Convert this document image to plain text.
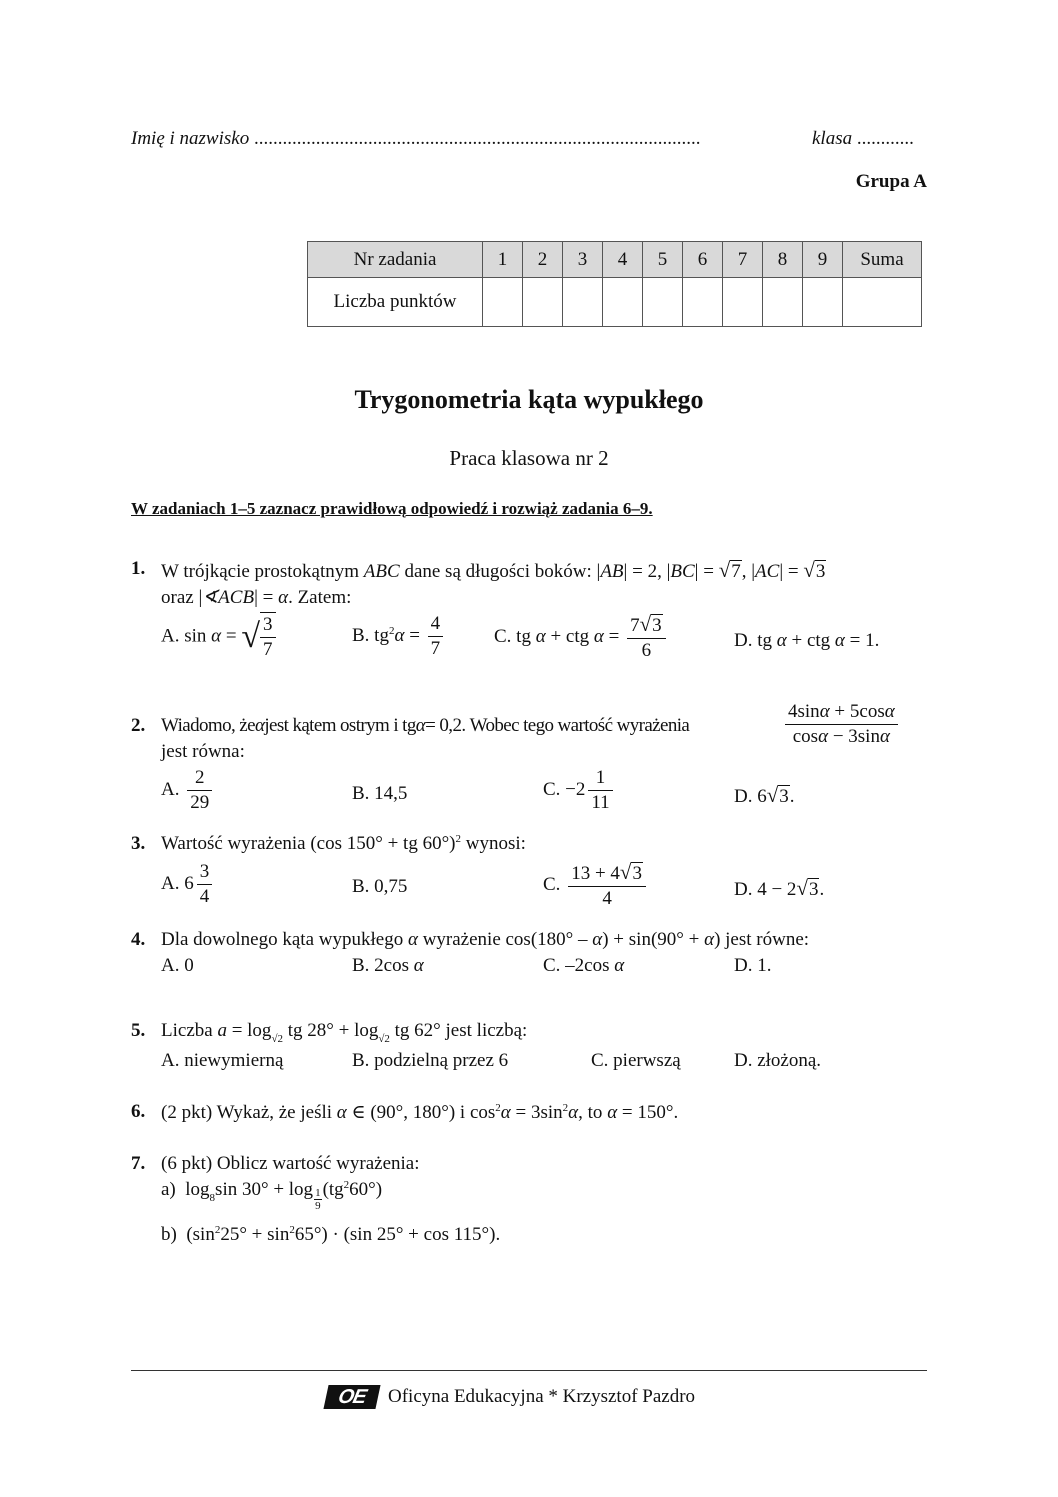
Imię i nazwisko ..............................................................................................	klasa ............
Grupa A
Nr zadania	1	2	3	4	5	6	7	8	9	Suma
Liczba punktów										
Trygonometria kąta wypukłego
Praca klasowa nr 2
W zadaniach 1–5 zaznacz prawidłową odpowiedź i rozwiąż zadania 6–9.
1. W trójkącie prostokątnym ABC dane są długości boków: |AB| = 2, |BC| = √7, |AC| = √3
oraz |∢ACB| = α. Zatem:
A. sin α = √ $\frac{3}{7}$	B. $tg^2\alpha = \frac{4}{7}$	C. tg α + ctg $\alpha = \frac{7√3}{6}$	D. tg α + ctg α = 1.
2. Wiadomo, żeαjest kątem ostrym i tgα= 0,2. Wobec tego wartość wyrażenia	$\frac{4\sin\alpha + 5\cos\alpha}{\cos\alpha - 3\sin\alpha}$
jest równa:
A. $\frac{2}{29}$	B. 14,5	C. $-2 \frac{1}{11}$	D. 6√3.
3. Wartość wyrażenia (cos 150° + tg 60°)$^2$ wynosi:
A. $6 \frac{3}{4}$	B. 0,75	C. $\frac{13 + 4√3}{4}$	D. 4 − 2√3.
4. Dla dowolnego kąta wypukłego α wyrażenie cos(180° – α) + sin(90° + α) jest równe:
A. 0	B. 2cos α	C. –2cos α	D. 1.
5. Liczba $a = \log_{√2}$ tg $28^\circ + \log_{√2}$ tg 62° jest liczbą:
A. niewymierną	B. podzielną przez 6	C. pierwszą	D. złożoną.
6. (2 pkt) Wykaż, że jeśli α ∈ (90°, 180°) i $\cos^2\alpha = 3\sin^2\alpha$, to α = 150°.
7. (6 pkt) Oblicz wartość wyrażenia:
a) $\log_8\sin$ $30^\circ + \log \frac{1}{9} (tg^260^\circ)$
b) $(\sin^225^\circ + \sin^265^\circ) \cdot (\sin$ 25° + cos 115°).
OE	Oficyna Edukacyjna * Krzysztof Pazdro
